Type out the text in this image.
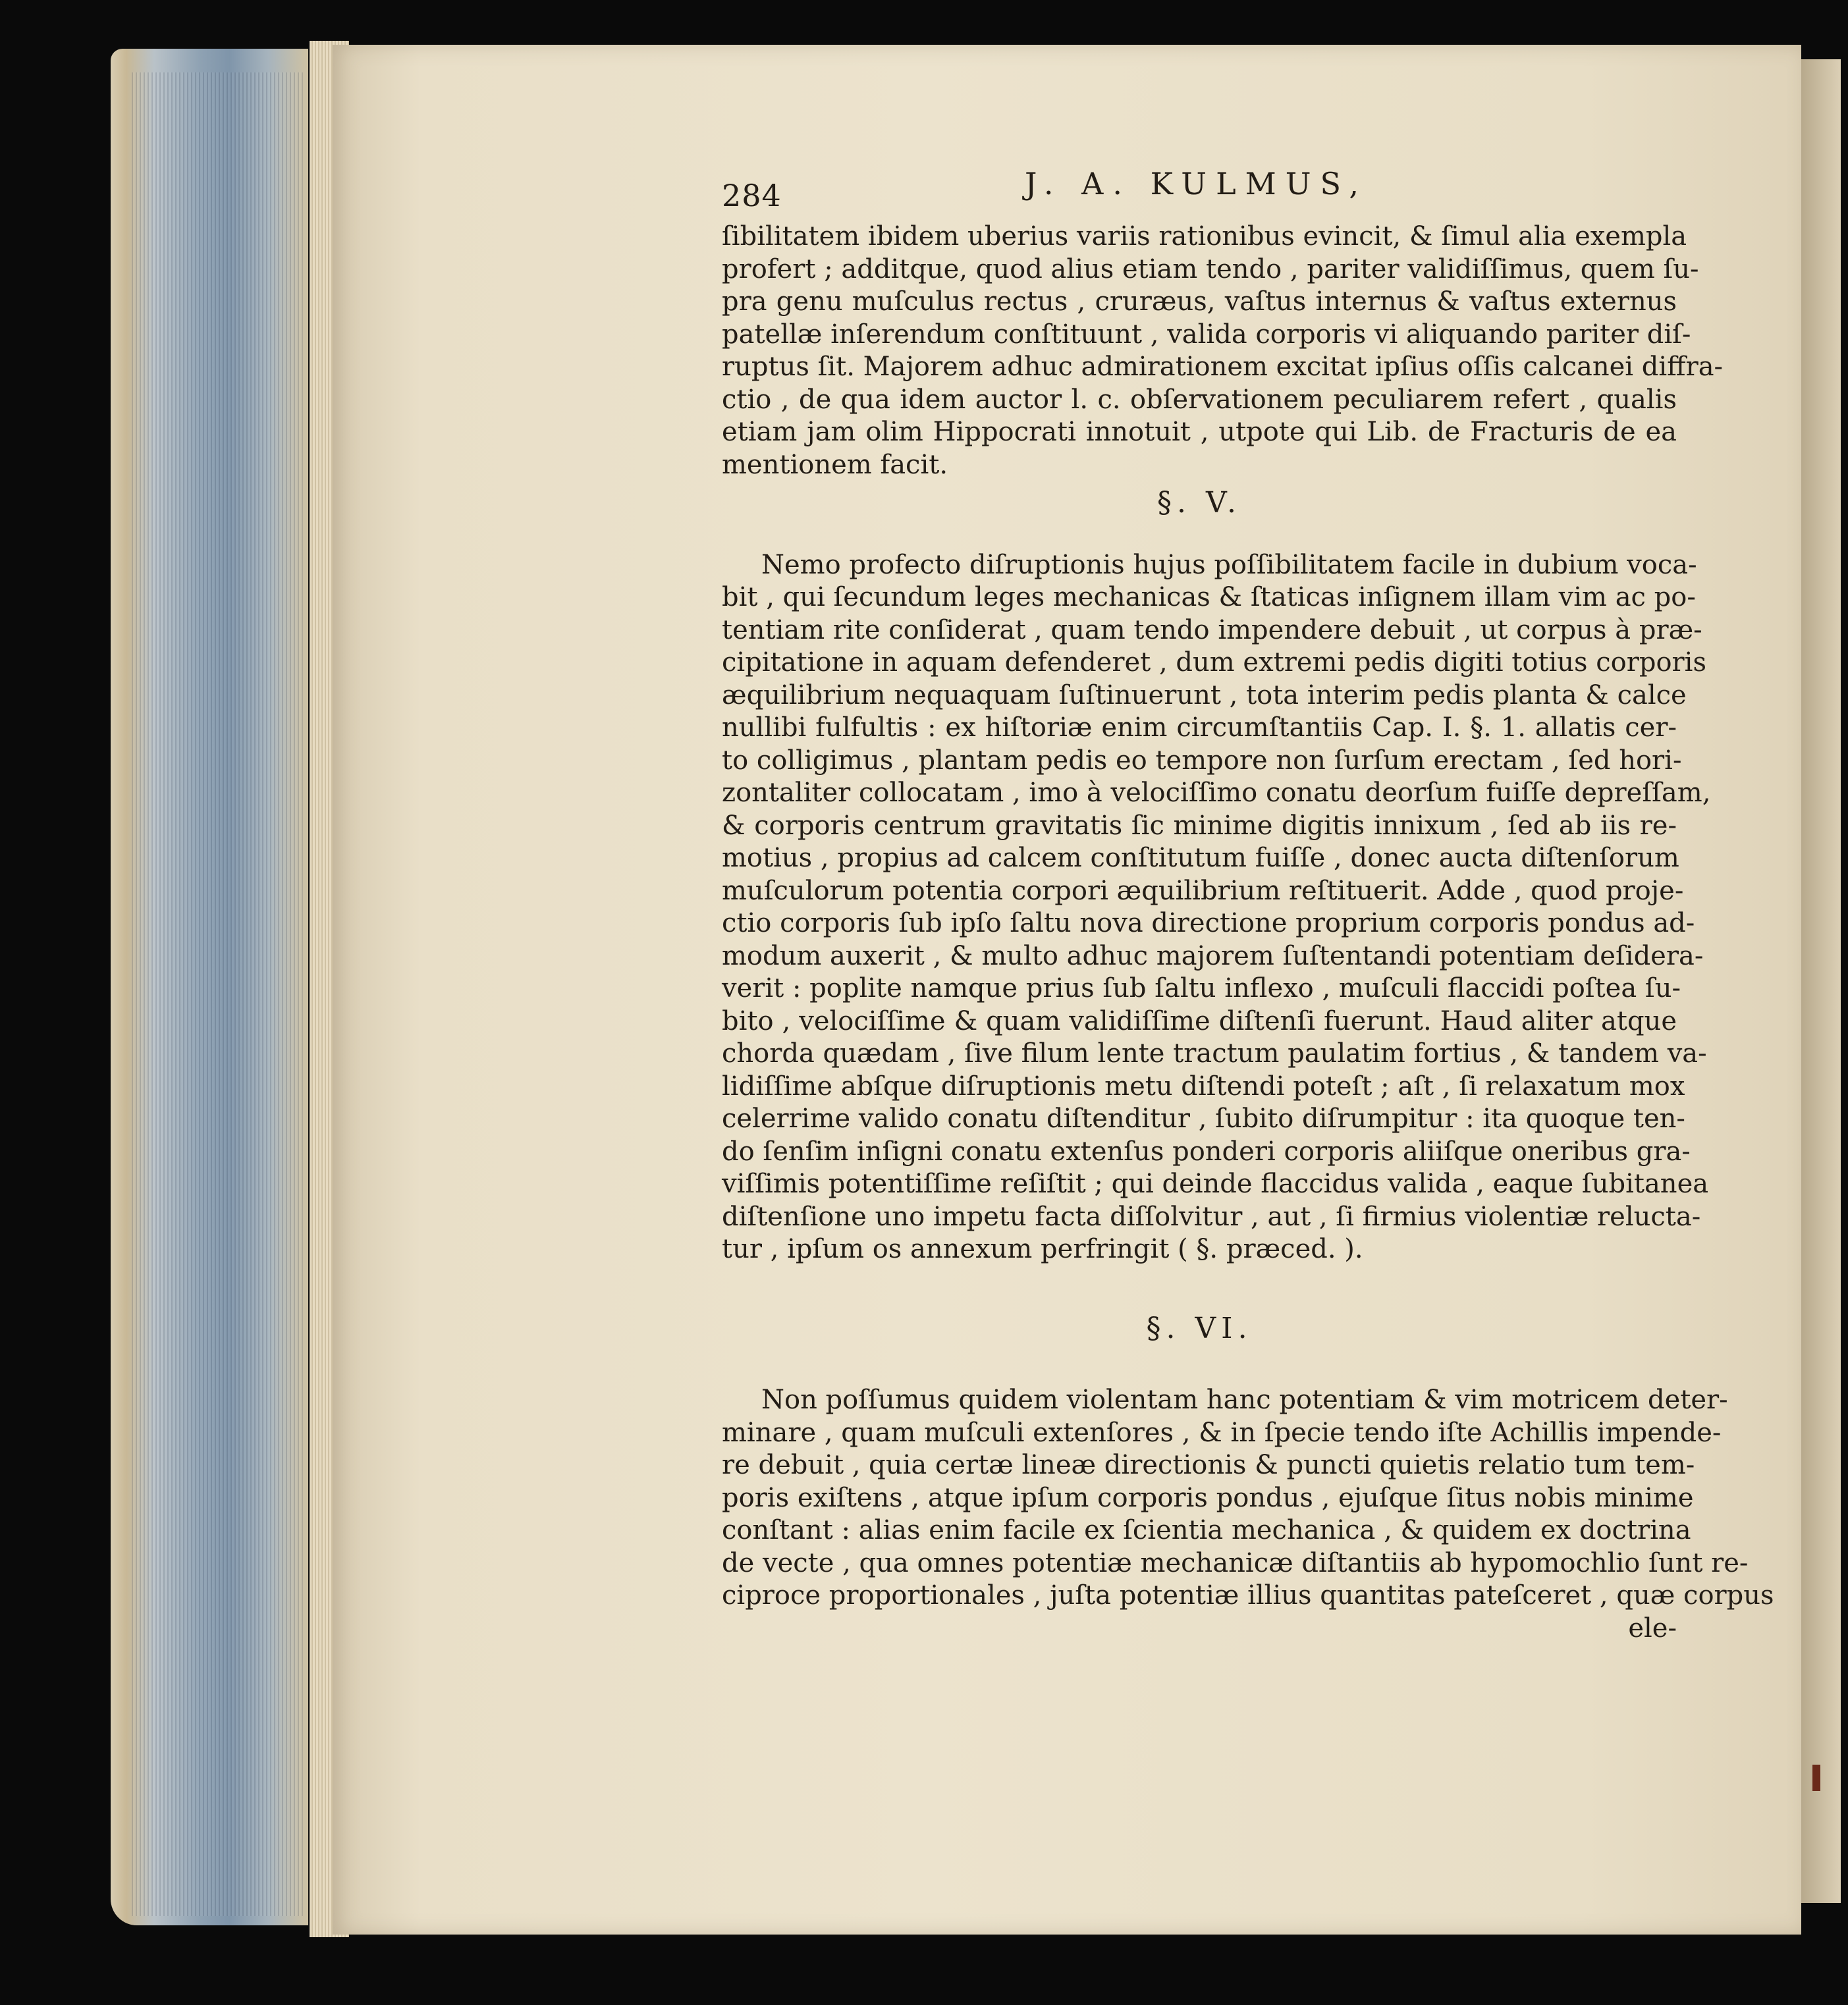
284	J. A. KULMUS,
ſibilitatem ibidem uberius variis rationibus evincit, & ſimul alia exempla
profert ; additque, quod alius etiam tendo , pariter validiſſimus, quem ſu-
pra genu muſculus rectus , cruræus, vaſtus internus & vaſtus externus
patellæ inſerendum conſtituunt , valida corporis vi aliquando pariter diſ-
ruptus ſit. Majorem adhuc admirationem excitat ipſius oſſis calcanei diffra-
ctio , de qua idem auctor l. c. obſervationem peculiarem refert , qualis
etiam jam olim Hippocrati innotuit , utpote qui Lib. de Fracturis de ea
mentionem facit.
§. V.
Nemo profecto diſruptionis hujus poſſibilitatem facile in dubium voca-
bit , qui ſecundum leges mechanicas & ſtaticas inſignem illam vim ac po-
tentiam rite conſiderat , quam tendo impendere debuit , ut corpus à præ-
cipitatione in aquam defenderet , dum extremi pedis digiti totius corporis
æquilibrium nequaquam ſuſtinuerunt , tota interim pedis planta & calce
nullibi fulfultis : ex hiſtoriæ enim circumſtantiis Cap. I. §. 1. allatis cer-
to colligimus , plantam pedis eo tempore non ſurſum erectam , ſed hori-
zontaliter collocatam , imo à velociſſimo conatu deorſum fuiſſe depreſſam,
& corporis centrum gravitatis ſic minime digitis innixum , ſed ab iis re-
motius , propius ad calcem conſtitutum fuiſſe , donec aucta diſtenſorum
muſculorum potentia corpori æquilibrium reſtituerit. Adde , quod proje-
ctio corporis ſub ipſo ſaltu nova directione proprium corporis pondus ad-
modum auxerit , & multo adhuc majorem ſuſtentandi potentiam deſidera-
verit : poplite namque prius ſub ſaltu inflexo , muſculi flaccidi poſtea ſu-
bito , velociſſime & quam validiſſime diſtenſi fuerunt. Haud aliter atque
chorda quædam , ſive filum lente tractum paulatim fortius , & tandem va-
lidiſſime abſque diſruptionis metu diſtendi poteſt ; aſt , ſi relaxatum mox
celerrime valido conatu diſtenditur , ſubito diſrumpitur : ita quoque ten-
do ſenſim inſigni conatu extenſus ponderi corporis aliiſque oneribus gra-
viſſimis potentiſſime reſiſtit ; qui deinde flaccidus valida , eaque ſubitanea
diſtenſione uno impetu facta diſſolvitur , aut , ſi firmius violentiæ relucta-
tur , ipſum os annexum perfringit ( §. præced. ).
§. VI.
Non poſſumus quidem violentam hanc potentiam & vim motricem deter-
minare , quam muſculi extenſores , & in ſpecie tendo iſte Achillis impende-
re debuit , quia certæ lineæ directionis & puncti quietis relatio tum tem-
poris exiſtens , atque ipſum corporis pondus , ejuſque ſitus nobis minime
conſtant : alias enim facile ex ſcientia mechanica , & quidem ex doctrina
de vecte , qua omnes potentiæ mechanicæ diſtantiis ab hypomochlio ſunt re-
ciproce proportionales , juſta potentiæ illius quantitas pateſceret , quæ corpus
ele-
